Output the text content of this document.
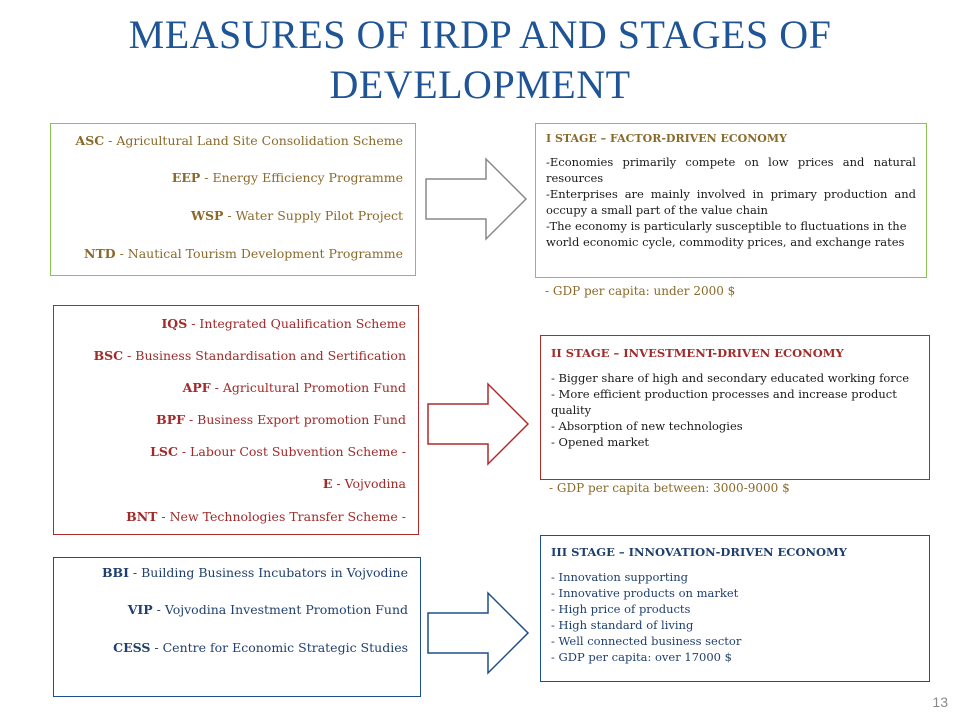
MEASURES OF IRDP AND STAGES OF
DEVELOPMENT
ASC - Agricultural Land Site Consolidation Scheme
EEP - Energy Efficiency Programme
WSP - Water Supply Pilot Project
NTD - Nautical Tourism Development Programme
IQS - Integrated Qualification Scheme
BSC - Business Standardisation and Sertification
APF - Agricultural Promotion Fund
BPF - Business Export promotion Fund
LSC - Labour Cost Subvention Scheme -
E - Vojvodina
BNT - New Technologies Transfer Scheme -
BBI - Building Business Incubators in Vojvodine
VIP - Vojvodina Investment Promotion Fund
CESS - Centre for Economic Strategic Studies
I STAGE – FACTOR-DRIVEN ECONOMY
-Economies primarily compete on low prices and natural resources
-Enterprises are mainly involved in primary production and occupy a small part of the value chain
-The economy is particularly susceptible to fluctuations in the world economic cycle, commodity prices, and exchange rates
- GDP per capita: under 2000 $
II STAGE – INVESTMENT-DRIVEN ECONOMY
- Bigger share of high and secondary educated working force
- More efficient production processes and increase product quality
- Absorption of new technologies
- Opened market
- GDP per capita between: 3000-9000 $
III STAGE – INNOVATION-DRIVEN ECONOMY
- Innovation supporting
- Innovative products on market
- High price of products
- High standard of living
- Well connected business sector
- GDP per capita: over 17000 $
13
